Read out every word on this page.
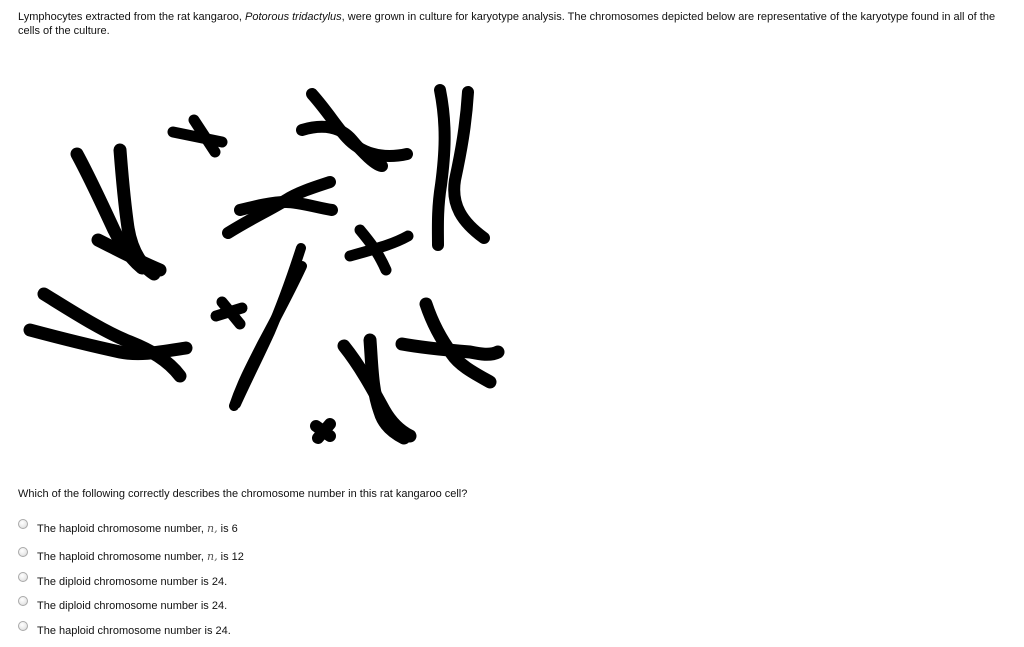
Lymphocytes extracted from the rat kangaroo, Potorous tridactylus, were grown in culture for karyotype analysis. The chromosomes depicted below are representative of the karyotype found in all of the cells of the culture.
Which of the following correctly describes the chromosome number in this rat kangaroo cell?
The haploid chromosome number, n, is 6
The haploid chromosome number, n, is 12
The diploid chromosome number is 24.
The diploid chromosome number is 24.
The haploid chromosome number is 24.
